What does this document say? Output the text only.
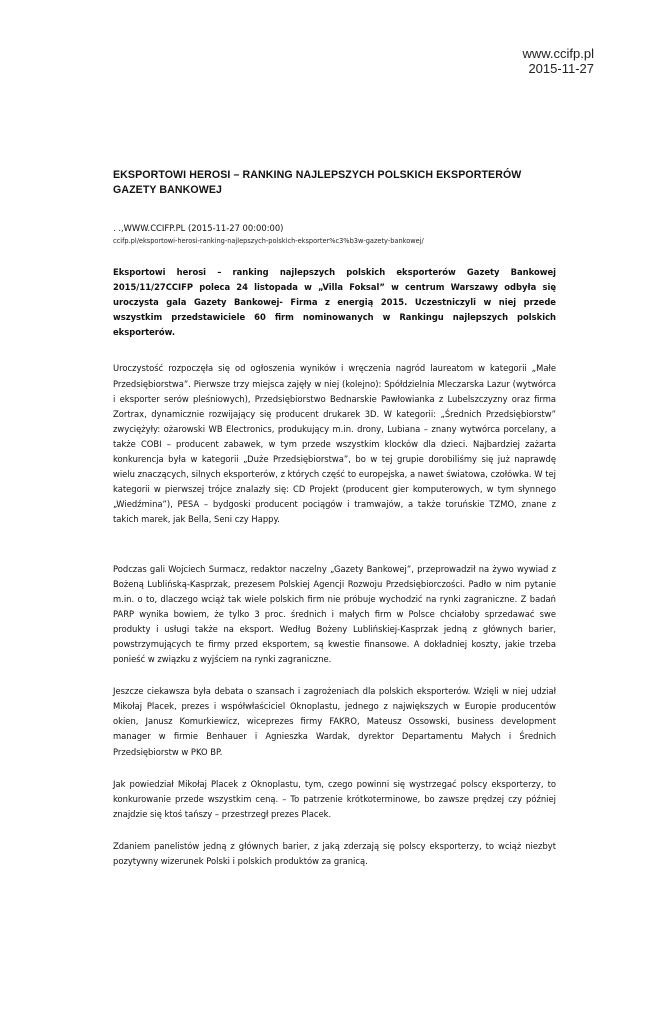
www.ccifp.pl
2015-11-27
EKSPORTOWI HEROSI – RANKING NAJLEPSZYCH POLSKICH EKSPORTERÓW GAZETY BANKOWEJ
. .,WWW.CCIFP.PL (2015-11-27 00:00:00)
ccifp.pl/eksportowi-herosi-ranking-najlepszych-polskich-eksporter%c3%b3w-gazety-bankowej/

Eksportowi herosi – ranking najlepszych polskich eksporterów Gazety Bankowej 2015/11/27CCIFP poleca 24 listopada w „Villa Foksal” w centrum Warszawy odbyła się uroczysta gala Gazety Bankowej- Firma z energią 2015. Uczestniczyli w niej przede wszystkim przedstawiciele 60 firm nominowanych w Rankingu najlepszych polskich eksporterów.

Uroczystość rozpoczęła się od ogłoszenia wyników i wręczenia nagród laureatom w kategorii „Małe Przedsiębiorstwa”. Pierwsze trzy miejsca zajęły w niej (kolejno): Spółdzielnia Mleczarska Lazur (wytwórca i eksporter serów pleśniowych), Przedsiębiorstwo Bednarskie Pawłowianka z Lubelszczyzny oraz firma Zortrax, dynamicznie rozwijający się producent drukarek 3D. W kategorii: „Średnich Przedsiębiorstw” zwyciężyły: ożarowski WB Electronics, produkujący m.in. drony, Lubiana – znany wytwórca porcelany, a także COBI – producent zabawek, w tym przede wszystkim klocków dla dzieci. Najbardziej zażarta konkurencja była w kategorii „Duże Przedsiębiorstwa”, bo w tej grupie dorobiliśmy się już naprawdę wielu znaczących, silnych eksporterów, z których część to europejska, a nawet światowa, czołówka. W tej kategorii w pierwszej trójce znalazły się: CD Projekt (producent gier komputerowych, w tym słynnego „Wiedźmina”), PESA – bydgoski producent pociągów i tramwajów, a także toruńskie TZMO, znane z takich marek, jak Bella, Seni czy Happy.

Podczas gali Wojciech Surmacz, redaktor naczelny „Gazety Bankowej”, przeprowadził na żywo wywiad z Bożeną Lublińską-Kasprzak, prezesem Polskiej Agencji Rozwoju Przedsiębiorczości. Padło w nim pytanie m.in. o to, dlaczego wciąż tak wiele polskich firm nie próbuje wychodzić na rynki zagraniczne. Z badań PARP wynika bowiem, że tylko 3 proc. średnich i małych firm w Polsce chciałoby sprzedawać swe produkty i usługi także na eksport. Według Bożeny Lublińskiej-Kasprzak jedną z głównych barier, powstrzymujących te firmy przed eksportem, są kwestie finansowe. A dokładniej koszty, jakie trzeba ponieść w związku z wyjściem na rynki zagraniczne.

Jeszcze ciekawsza była debata o szansach i zagrożeniach dla polskich eksporterów. Wzięli w niej udział Mikołaj Placek, prezes i współwłaściciel Oknoplastu, jednego z największych w Europie producentów okien, Janusz Komurkiewicz, wiceprezes firmy FAKRO, Mateusz Ossowski, business development manager w firmie Benhauer i Agnieszka Wardak, dyrektor Departamentu Małych i Średnich Przedsiębiorstw w PKO BP.

Jak powiedział Mikołaj Placek z Oknoplastu, tym, czego powinni się wystrzegać polscy eksporterzy, to konkurowanie przede wszystkim ceną. – To patrzenie krótkoterminowe, bo zawsze prędzej czy później znajdzie się ktoś tańszy – przestrzegł prezes Placek.

Zdaniem panelistów jedną z głównych barier, z jaką zderzają się polscy eksporterzy, to wciąż niezbyt pozytywny wizerunek Polski i polskich produktów za granicą.
